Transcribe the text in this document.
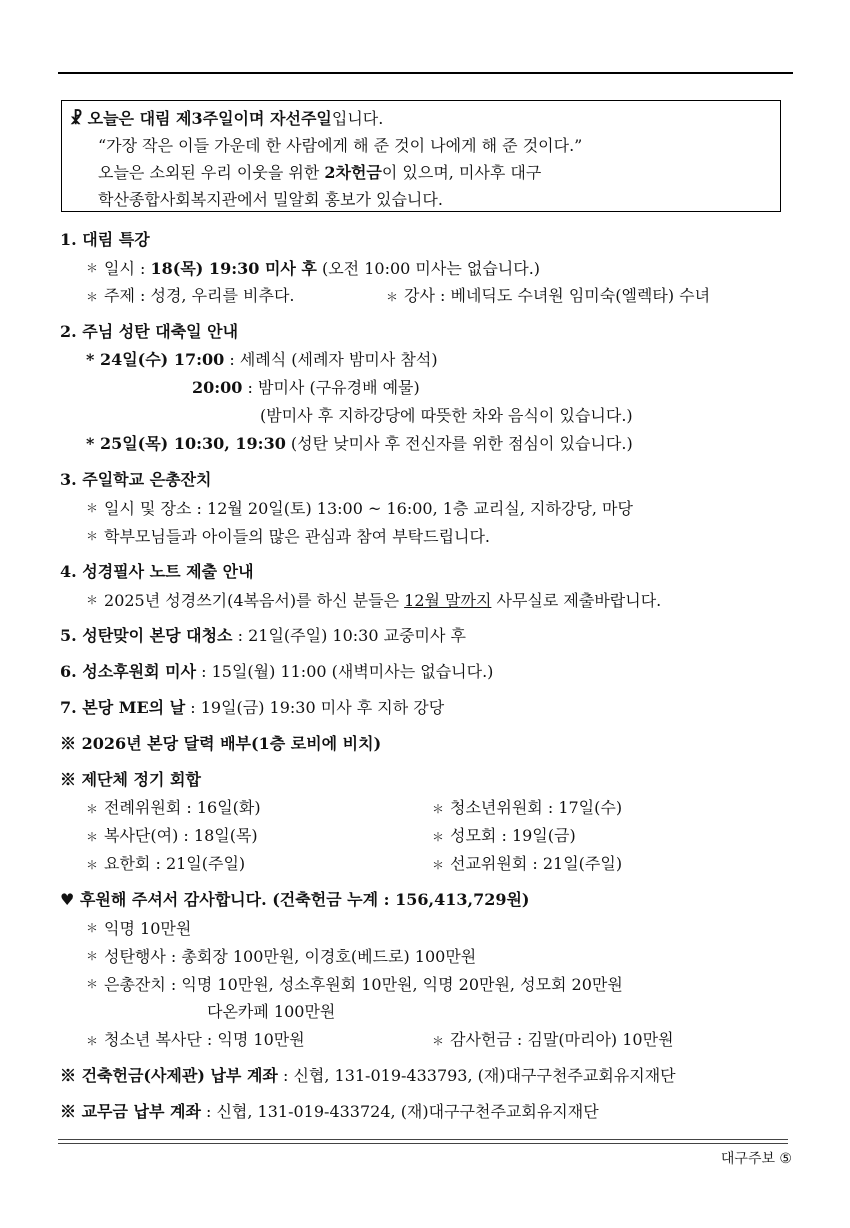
☧ 오늘은 대림 제3주일이며 자선주일입니다.
“가장 작은 이들 가운데 한 사람에게 해 준 것이 나에게 해 준 것이다.”
오늘은 소외된 우리 이웃을 위한 2차헌금이 있으며, 미사후 대구
학산종합사회복지관에서 밀알회 홍보가 있습니다.
1. 대림 특강
＊ 일시 : 18(목) 19:30 미사 후 (오전 10:00 미사는 없습니다.)
＊ 주제 : 성경, 우리를 비추다.	＊ 강사 : 베네딕도 수녀원 임미숙(엘렉타) 수녀
2. 주님 성탄 대축일 안내
* 24일(수) 17:00 : 세례식 (세례자 밤미사 참석)
20:00 : 밤미사 (구유경배 예물)
(밤미사 후 지하강당에 따뜻한 차와 음식이 있습니다.)
* 25일(목) 10:30, 19:30 (성탄 낮미사 후 전신자를 위한 점심이 있습니다.)
3. 주일학교 은총잔치
＊ 일시 및 장소 : 12월 20일(토) 13:00 ~ 16:00, 1층 교리실, 지하강당, 마당
＊ 학부모님들과 아이들의 많은 관심과 참여 부탁드립니다.
4. 성경필사 노트 제출 안내
＊ 2025년 성경쓰기(4복음서)를 하신 분들은 12월 말까지 사무실로 제출바랍니다.
5. 성탄맞이 본당 대청소 : 21일(주일) 10:30 교중미사 후
6. 성소후원회 미사 : 15일(월) 11:00 (새벽미사는 없습니다.)
7. 본당 ME의 날 : 19일(금) 19:30 미사 후 지하 강당
※ 2026년 본당 달력 배부(1층 로비에 비치)
※ 제단체 정기 회합
＊ 전례위원회 : 16일(화)	＊ 청소년위원회 : 17일(수)
＊ 복사단(여) : 18일(목)	＊ 성모회 : 19일(금)
＊ 요한회 : 21일(주일)	＊ 선교위원회 : 21일(주일)
♥ 후원해 주셔서 감사합니다. (건축헌금 누계 : 156,413,729원)
＊ 익명 10만원
＊ 성탄행사 : 총회장 100만원, 이경호(베드로) 100만원
＊ 은총잔치 : 익명 10만원, 성소후원회 10만원, 익명 20만원, 성모회 20만원
다온카페 100만원
＊ 청소년 복사단 : 익명 10만원	＊ 감사헌금 : 김말(마리아) 10만원
※ 건축헌금(사제관) 납부 계좌 : 신협, 131-019-433793, (재)대구구천주교회유지재단
※ 교무금 납부 계좌 : 신협, 131-019-433724, (재)대구구천주교회유지재단
대구주보 ⑤
